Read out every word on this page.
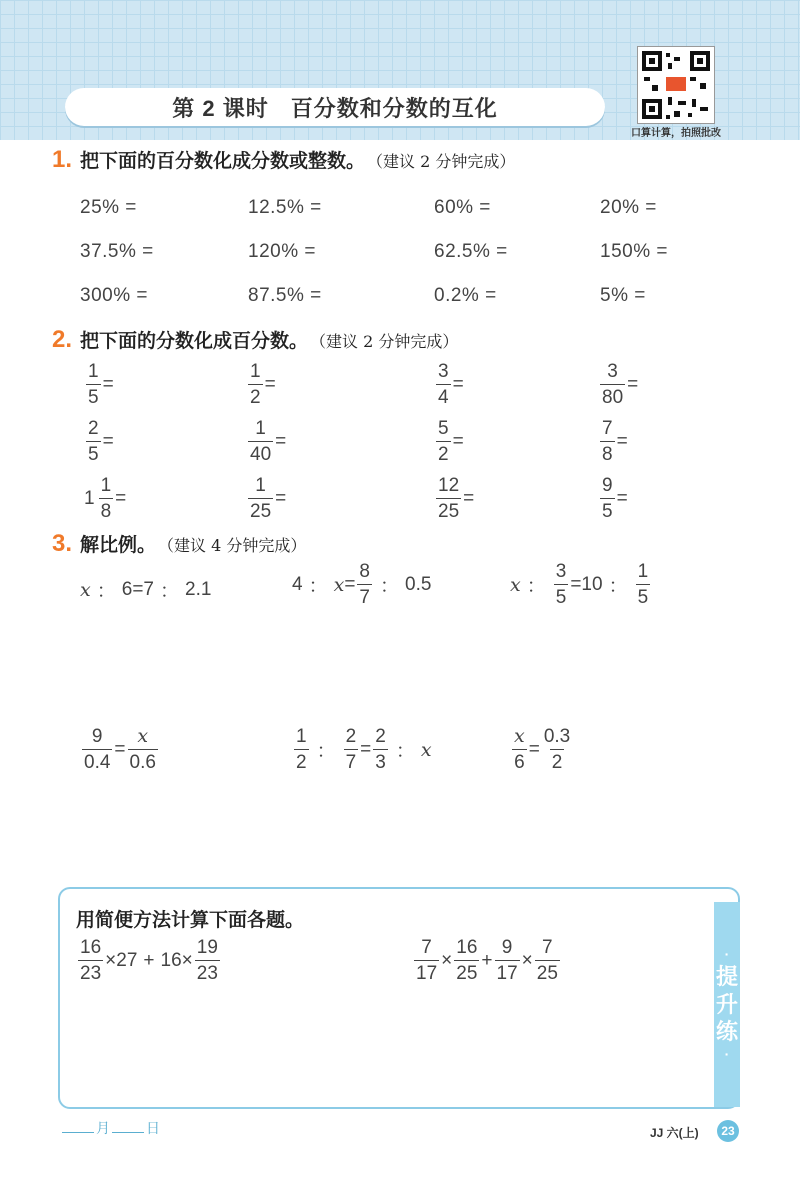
第 2 课时 百分数和分数的互化
口算计算，拍照批改
1. 把下面的百分数化成分数或整数。 （建议 2 分钟完成）
25% =	12.5% =	60% =	20% =
37.5% =	120% =	62.5% =	150% =
300% =	87.5% =	0.2% =	5% =
2. 把下面的分数化成百分数。 （建议 2 分钟完成）
$\frac{1}{5}$ =	$\frac{1}{2}$ =	$\frac{3}{4}$ =	$\frac{3}{80}$ =
$\frac{2}{5}$ =	$\frac{1}{40}$ =	$\frac{5}{2}$ =	$\frac{7}{8}$ =
$1 \frac{1}{8}$ =	$\frac{1}{25}$ =	$\frac{12}{25}$ =	$\frac{9}{5}$ =
3. 解比例。 （建议 4 分钟完成）
x ： 6 = 7 ： 2.1	4 ： $x = \frac{8}{7}$ ： 0.5	x ： $\frac{3}{5} = 10$ ： $\frac{1}{5}$
$\frac{9}{0.4} = \frac{x}{0.6}$	$\frac{1}{2}$ ： $\frac{2}{7} = \frac{2}{3}$ ： x	$\frac{x}{6} = \frac{0.3}{2}$
·
提
升
练
·
用简便方法计算下面各题。
$\frac{16}{23} \times 27 + 16 \times \frac{19}{23}$	$\frac{7}{17} \times \frac{16}{25} + \frac{9}{17} \times \frac{7}{25}$
月	日	JJ 六(上)	23
